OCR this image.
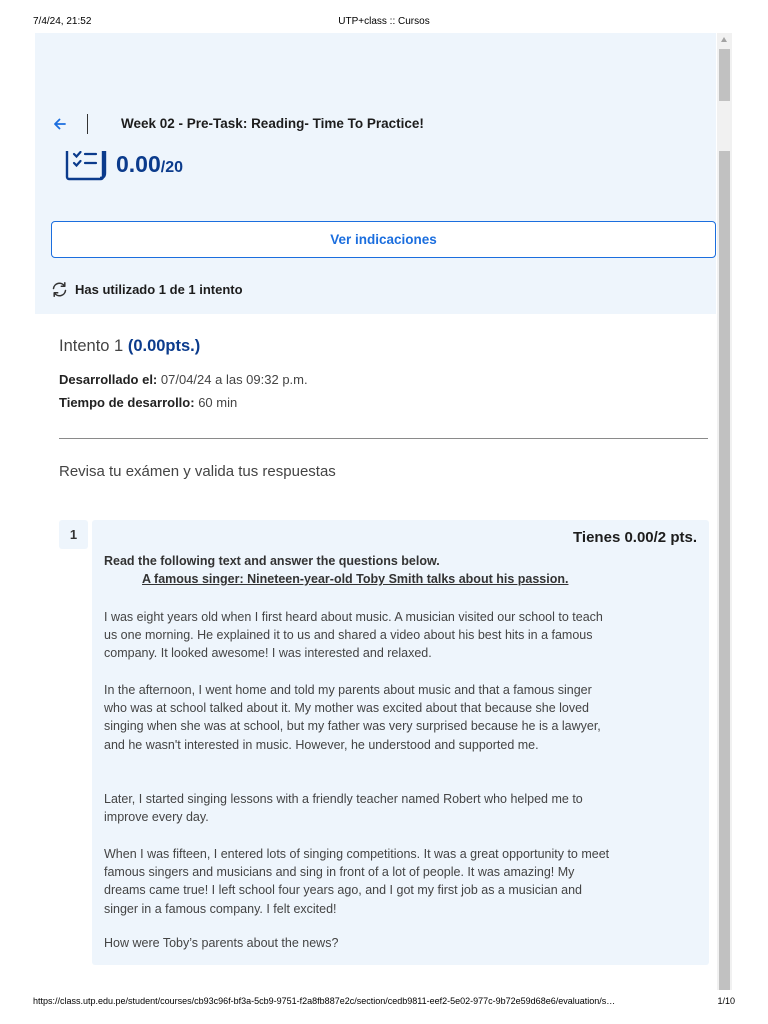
7/4/24, 21:52	UTP+class :: Cursos
Week 02 - Pre-Task: Reading- Time To Practice!
0.00/20
Ver indicaciones
Has utilizado 1 de 1 intento
Intento 1 (0.00pts.)
Desarrollado el: 07/04/24 a las 09:32 p.m.
Tiempo de desarrollo: 60 min
Revisa tu exámen y valida tus respuestas
1	Tienes 0.00/2 pts.
Read the following text and answer the questions below.
A famous singer: Nineteen-year-old Toby Smith talks about his passion.
I was eight years old when I first heard about music. A musician visited our school to teach us one morning. He explained it to us and shared a video about his best hits in a famous company. It looked awesome! I was interested and relaxed.
In the afternoon, I went home and told my parents about music and that a famous singer who was at school talked about it. My mother was excited about that because she loved singing when she was at school, but my father was very surprised because he is a lawyer, and he wasn't interested in music. However, he understood and supported me.
Later, I started singing lessons with a friendly teacher named Robert who helped me to improve every day.
When I was fifteen, I entered lots of singing competitions. It was a great opportunity to meet famous singers and musicians and sing in front of a lot of people. It was amazing! My dreams came true! I left school four years ago, and I got my first job as a musician and singer in a famous company. I felt excited!
How were Toby’s parents about the news?
https://class.utp.edu.pe/student/courses/cb93c96f-bf3a-5cb9-9751-f2a8fb887e2c/section/cedb9811-eef2-5e02-977c-9b72e59d68e6/evaluation/s…	1/10
